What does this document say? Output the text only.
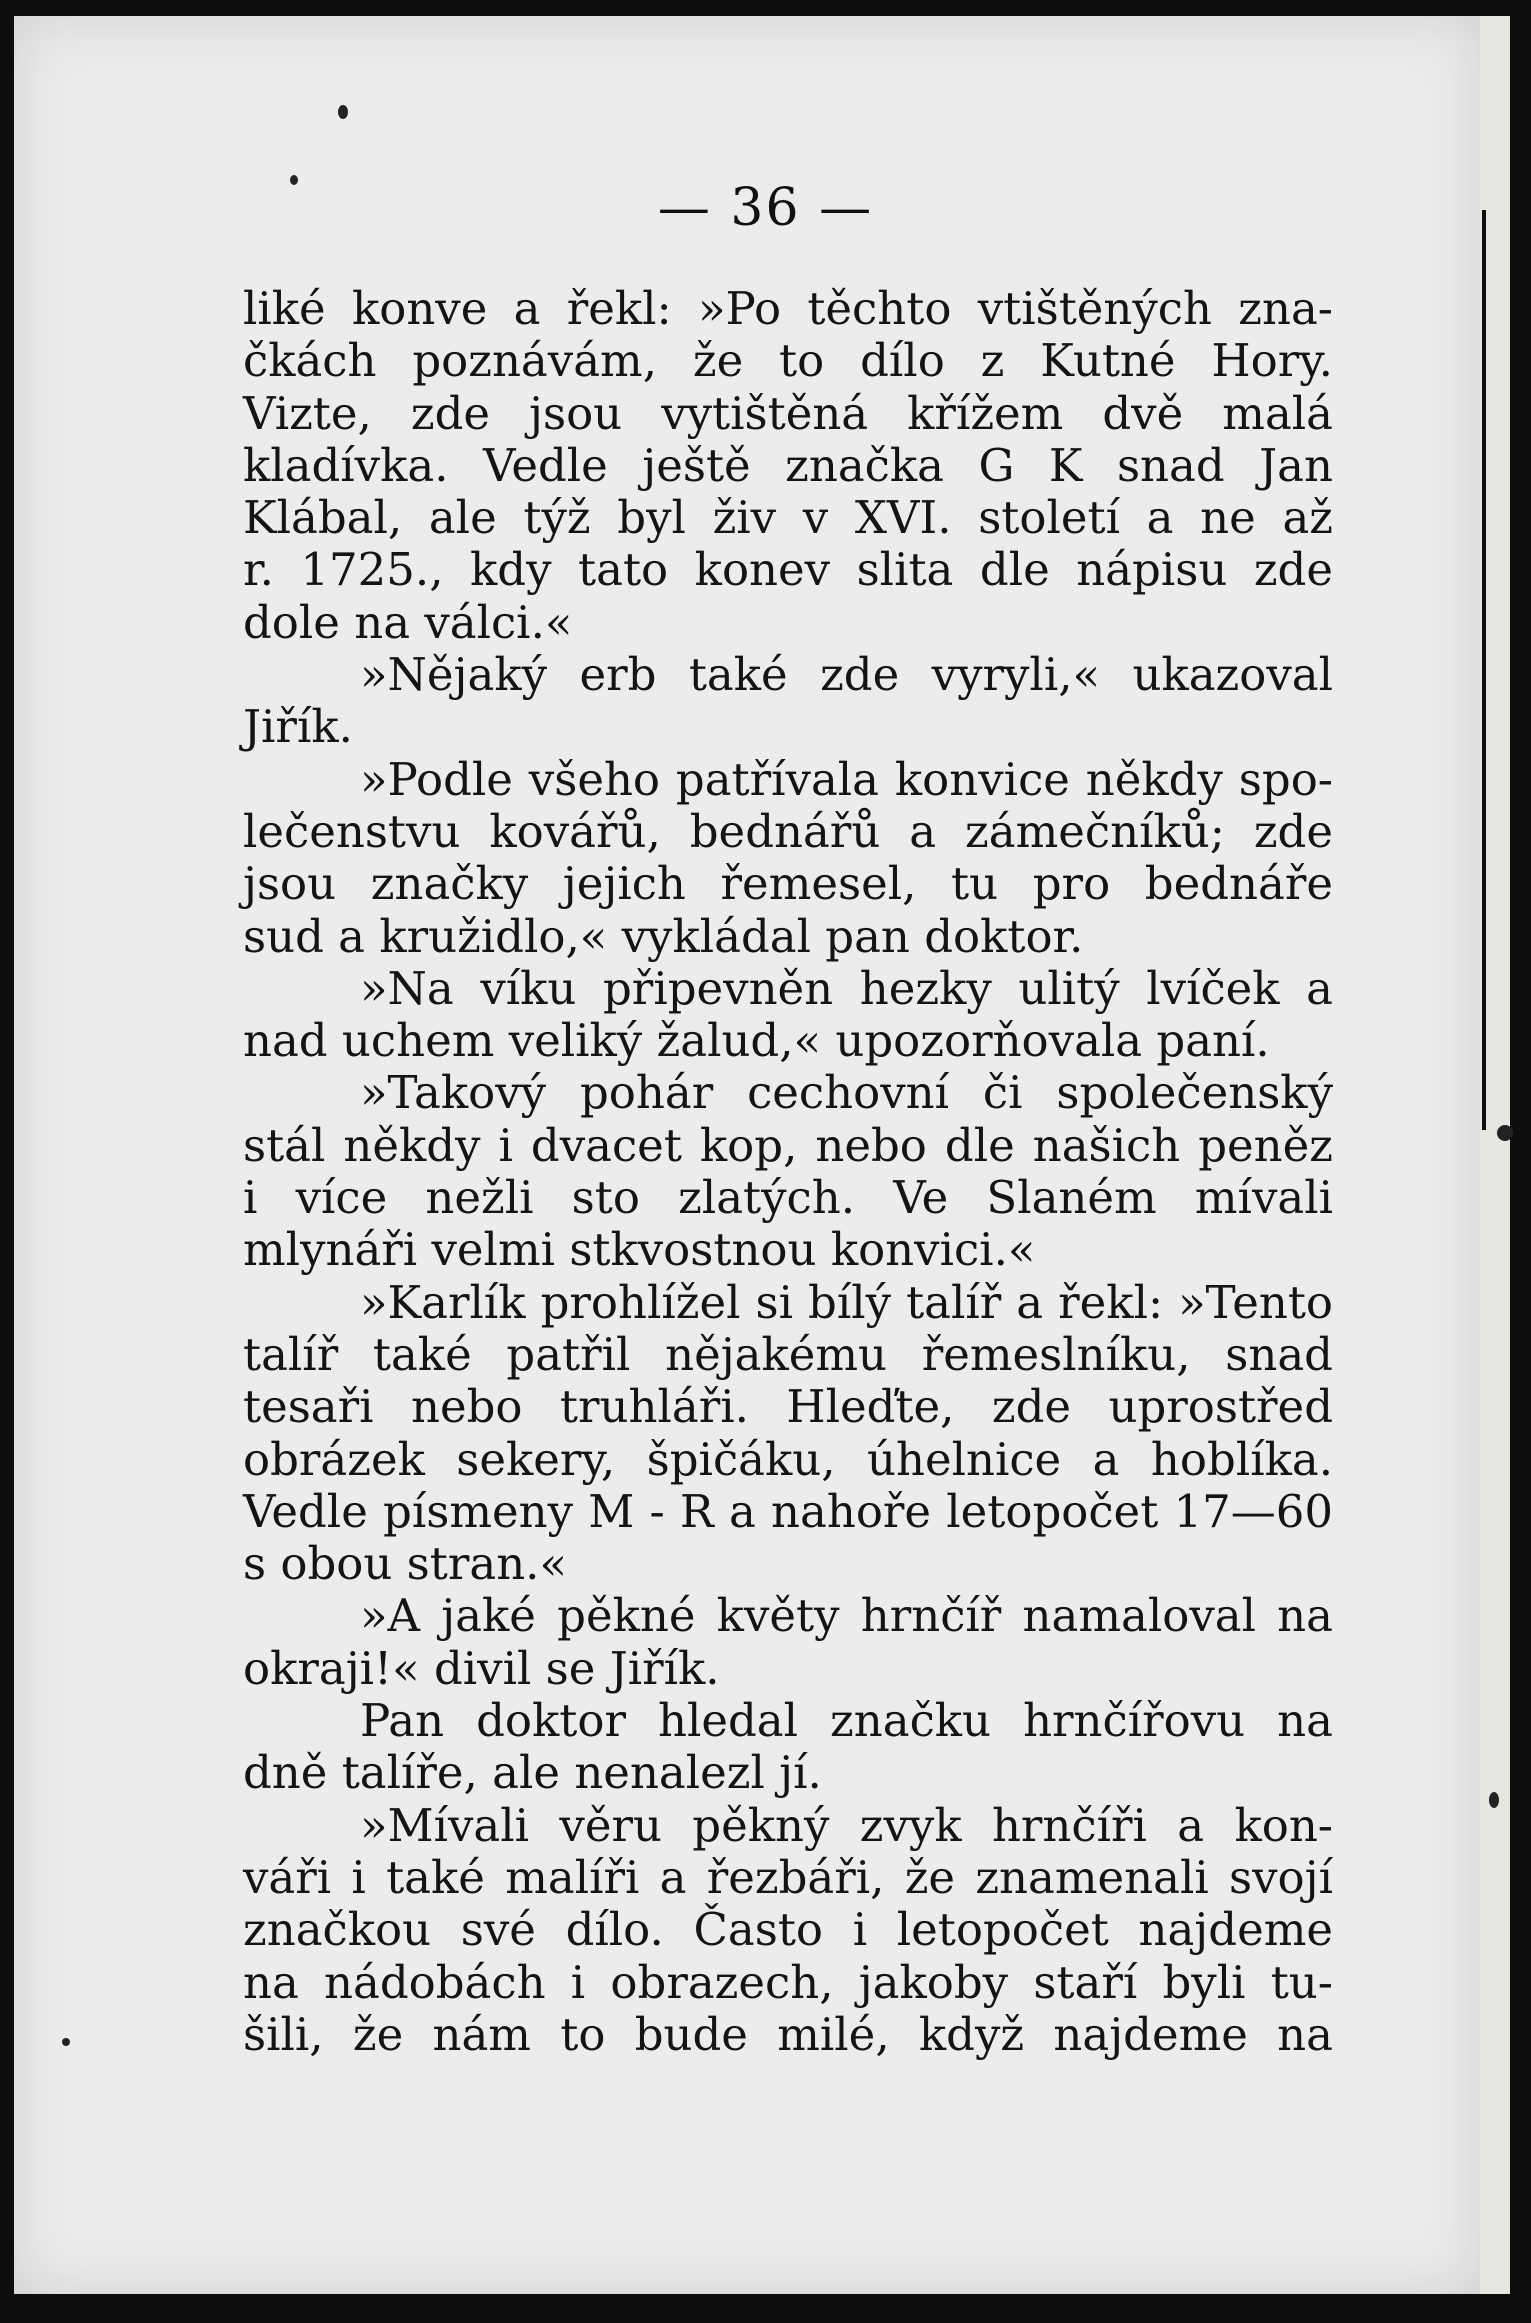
— 36 —
liké konve a řekl: »Po těchto vtištěných zna-
čkách poznávám, že to dílo z Kutné Hory.
Vizte, zde jsou vytištěná křížem dvě malá
kladívka. Vedle ještě značka G K snad Jan
Klábal, ale týž byl živ v XVI. století a ne až
r. 1725., kdy tato konev slita dle nápisu zde
dole na válci.«
»Nějaký erb také zde vyryli,« ukazoval
Jiřík.
»Podle všeho patřívala konvice někdy spo-
lečenstvu kovářů, bednářů a zámečníků; zde
jsou značky jejich řemesel, tu pro bednáře
sud a kružidlo,« vykládal pan doktor.
»Na víku připevněn hezky ulitý lvíček a
nad uchem veliký žalud,« upozorňovala paní.
»Takový pohár cechovní či společenský
stál někdy i dvacet kop, nebo dle našich peněz
i více nežli sto zlatých. Ve Slaném mívali
mlynáři velmi stkvostnou konvici.«
»Karlík prohlížel si bílý talíř a řekl: »Tento
talíř také patřil nějakému řemeslníku, snad
tesaři nebo truhláři. Hleďte, zde uprostřed
obrázek sekery, špičáku, úhelnice a hoblíka.
Vedle písmeny M - R a nahoře letopočet 17—60
s obou stran.«
»A jaké pěkné květy hrnčíř namaloval na
okraji!« divil se Jiřík.
Pan doktor hledal značku hrnčířovu na
dně talíře, ale nenalezl jí.
»Mívali věru pěkný zvyk hrnčíři a kon-
váři i také malíři a řezbáři, že znamenali svojí
značkou své dílo. Často i letopočet najdeme
na nádobách i obrazech, jakoby staří byli tu-
šili, že nám to bude milé, když najdeme na
